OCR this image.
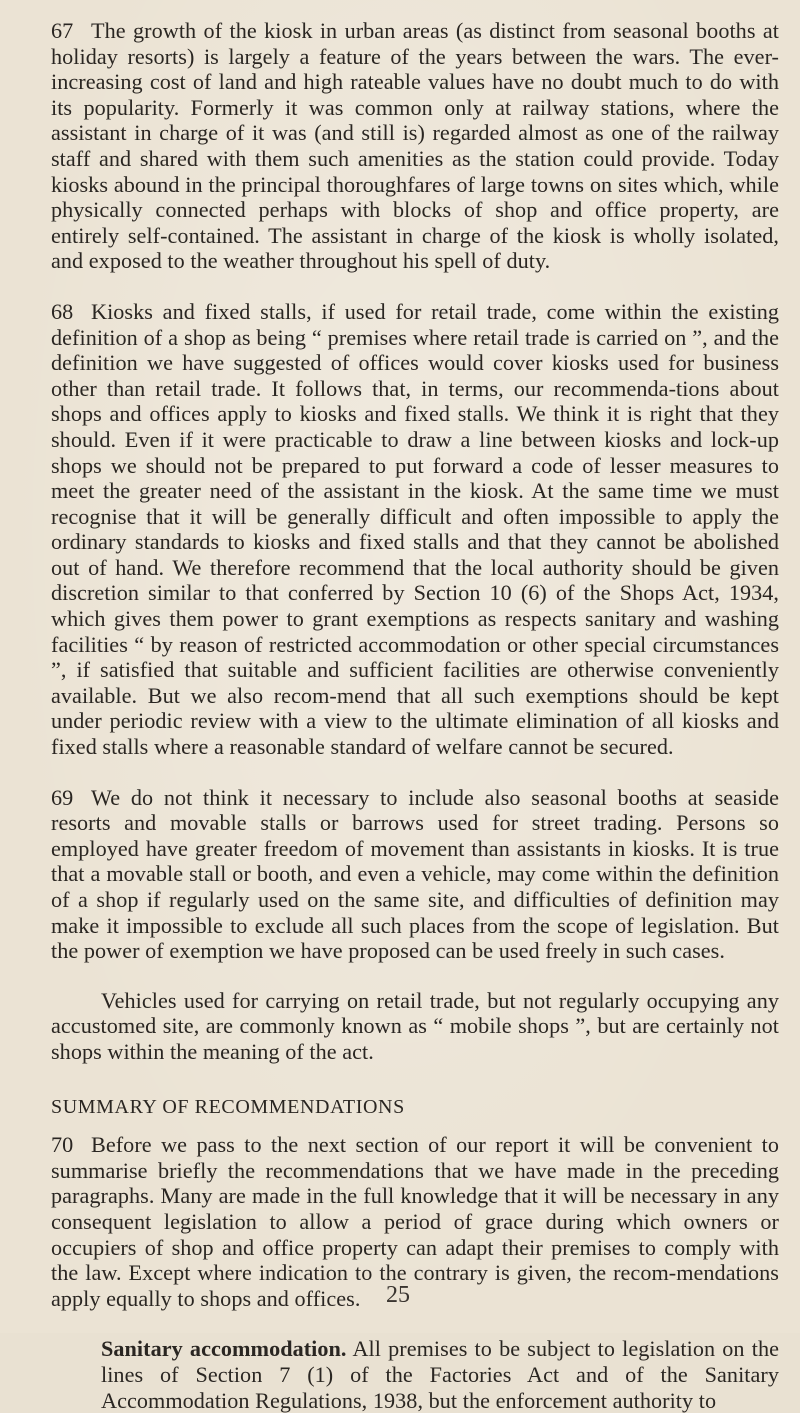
67 The growth of the kiosk in urban areas (as distinct from seasonal booths at holiday resorts) is largely a feature of the years between the wars. The ever-increasing cost of land and high rateable values have no doubt much to do with its popularity. Formerly it was common only at railway stations, where the assistant in charge of it was (and still is) regarded almost as one of the railway staff and shared with them such amenities as the station could provide. Today kiosks abound in the principal thoroughfares of large towns on sites which, while physically connected perhaps with blocks of shop and office property, are entirely self-contained. The assistant in charge of the kiosk is wholly isolated, and exposed to the weather throughout his spell of duty.

68 Kiosks and fixed stalls, if used for retail trade, come within the existing definition of a shop as being “ premises where retail trade is carried on ”, and the definition we have suggested of offices would cover kiosks used for business other than retail trade. It follows that, in terms, our recommenda-tions about shops and offices apply to kiosks and fixed stalls. We think it is right that they should. Even if it were practicable to draw a line between kiosks and lock-up shops we should not be prepared to put forward a code of lesser measures to meet the greater need of the assistant in the kiosk. At the same time we must recognise that it will be generally difficult and often impossible to apply the ordinary standards to kiosks and fixed stalls and that they cannot be abolished out of hand. We therefore recommend that the local authority should be given discretion similar to that conferred by Section 10 (6) of the Shops Act, 1934, which gives them power to grant exemptions as respects sanitary and washing facilities “ by reason of restricted accommodation or other special circumstances ”, if satisfied that suitable and sufficient facilities are otherwise conveniently available. But we also recom-mend that all such exemptions should be kept under periodic review with a view to the ultimate elimination of all kiosks and fixed stalls where a reasonable standard of welfare cannot be secured.

69 We do not think it necessary to include also seasonal booths at seaside resorts and movable stalls or barrows used for street trading. Persons so employed have greater freedom of movement than assistants in kiosks. It is true that a movable stall or booth, and even a vehicle, may come within the definition of a shop if regularly used on the same site, and difficulties of definition may make it impossible to exclude all such places from the scope of legislation. But the power of exemption we have proposed can be used freely in such cases.

Vehicles used for carrying on retail trade, but not regularly occupying any accustomed site, are commonly known as “ mobile shops ”, but are certainly not shops within the meaning of the act.

SUMMARY OF RECOMMENDATIONS

70 Before we pass to the next section of our report it will be convenient to summarise briefly the recommendations that we have made in the preceding paragraphs. Many are made in the full knowledge that it will be necessary in any consequent legislation to allow a period of grace during which owners or occupiers of shop and office property can adapt their premises to comply with the law. Except where indication to the contrary is given, the recom-mendations apply equally to shops and offices.

Sanitary accommodation. All premises to be subject to legislation on the lines of Section 7 (1) of the Factories Act and of the Sanitary Accommodation Regulations, 1938, but the enforcement authority to

25
